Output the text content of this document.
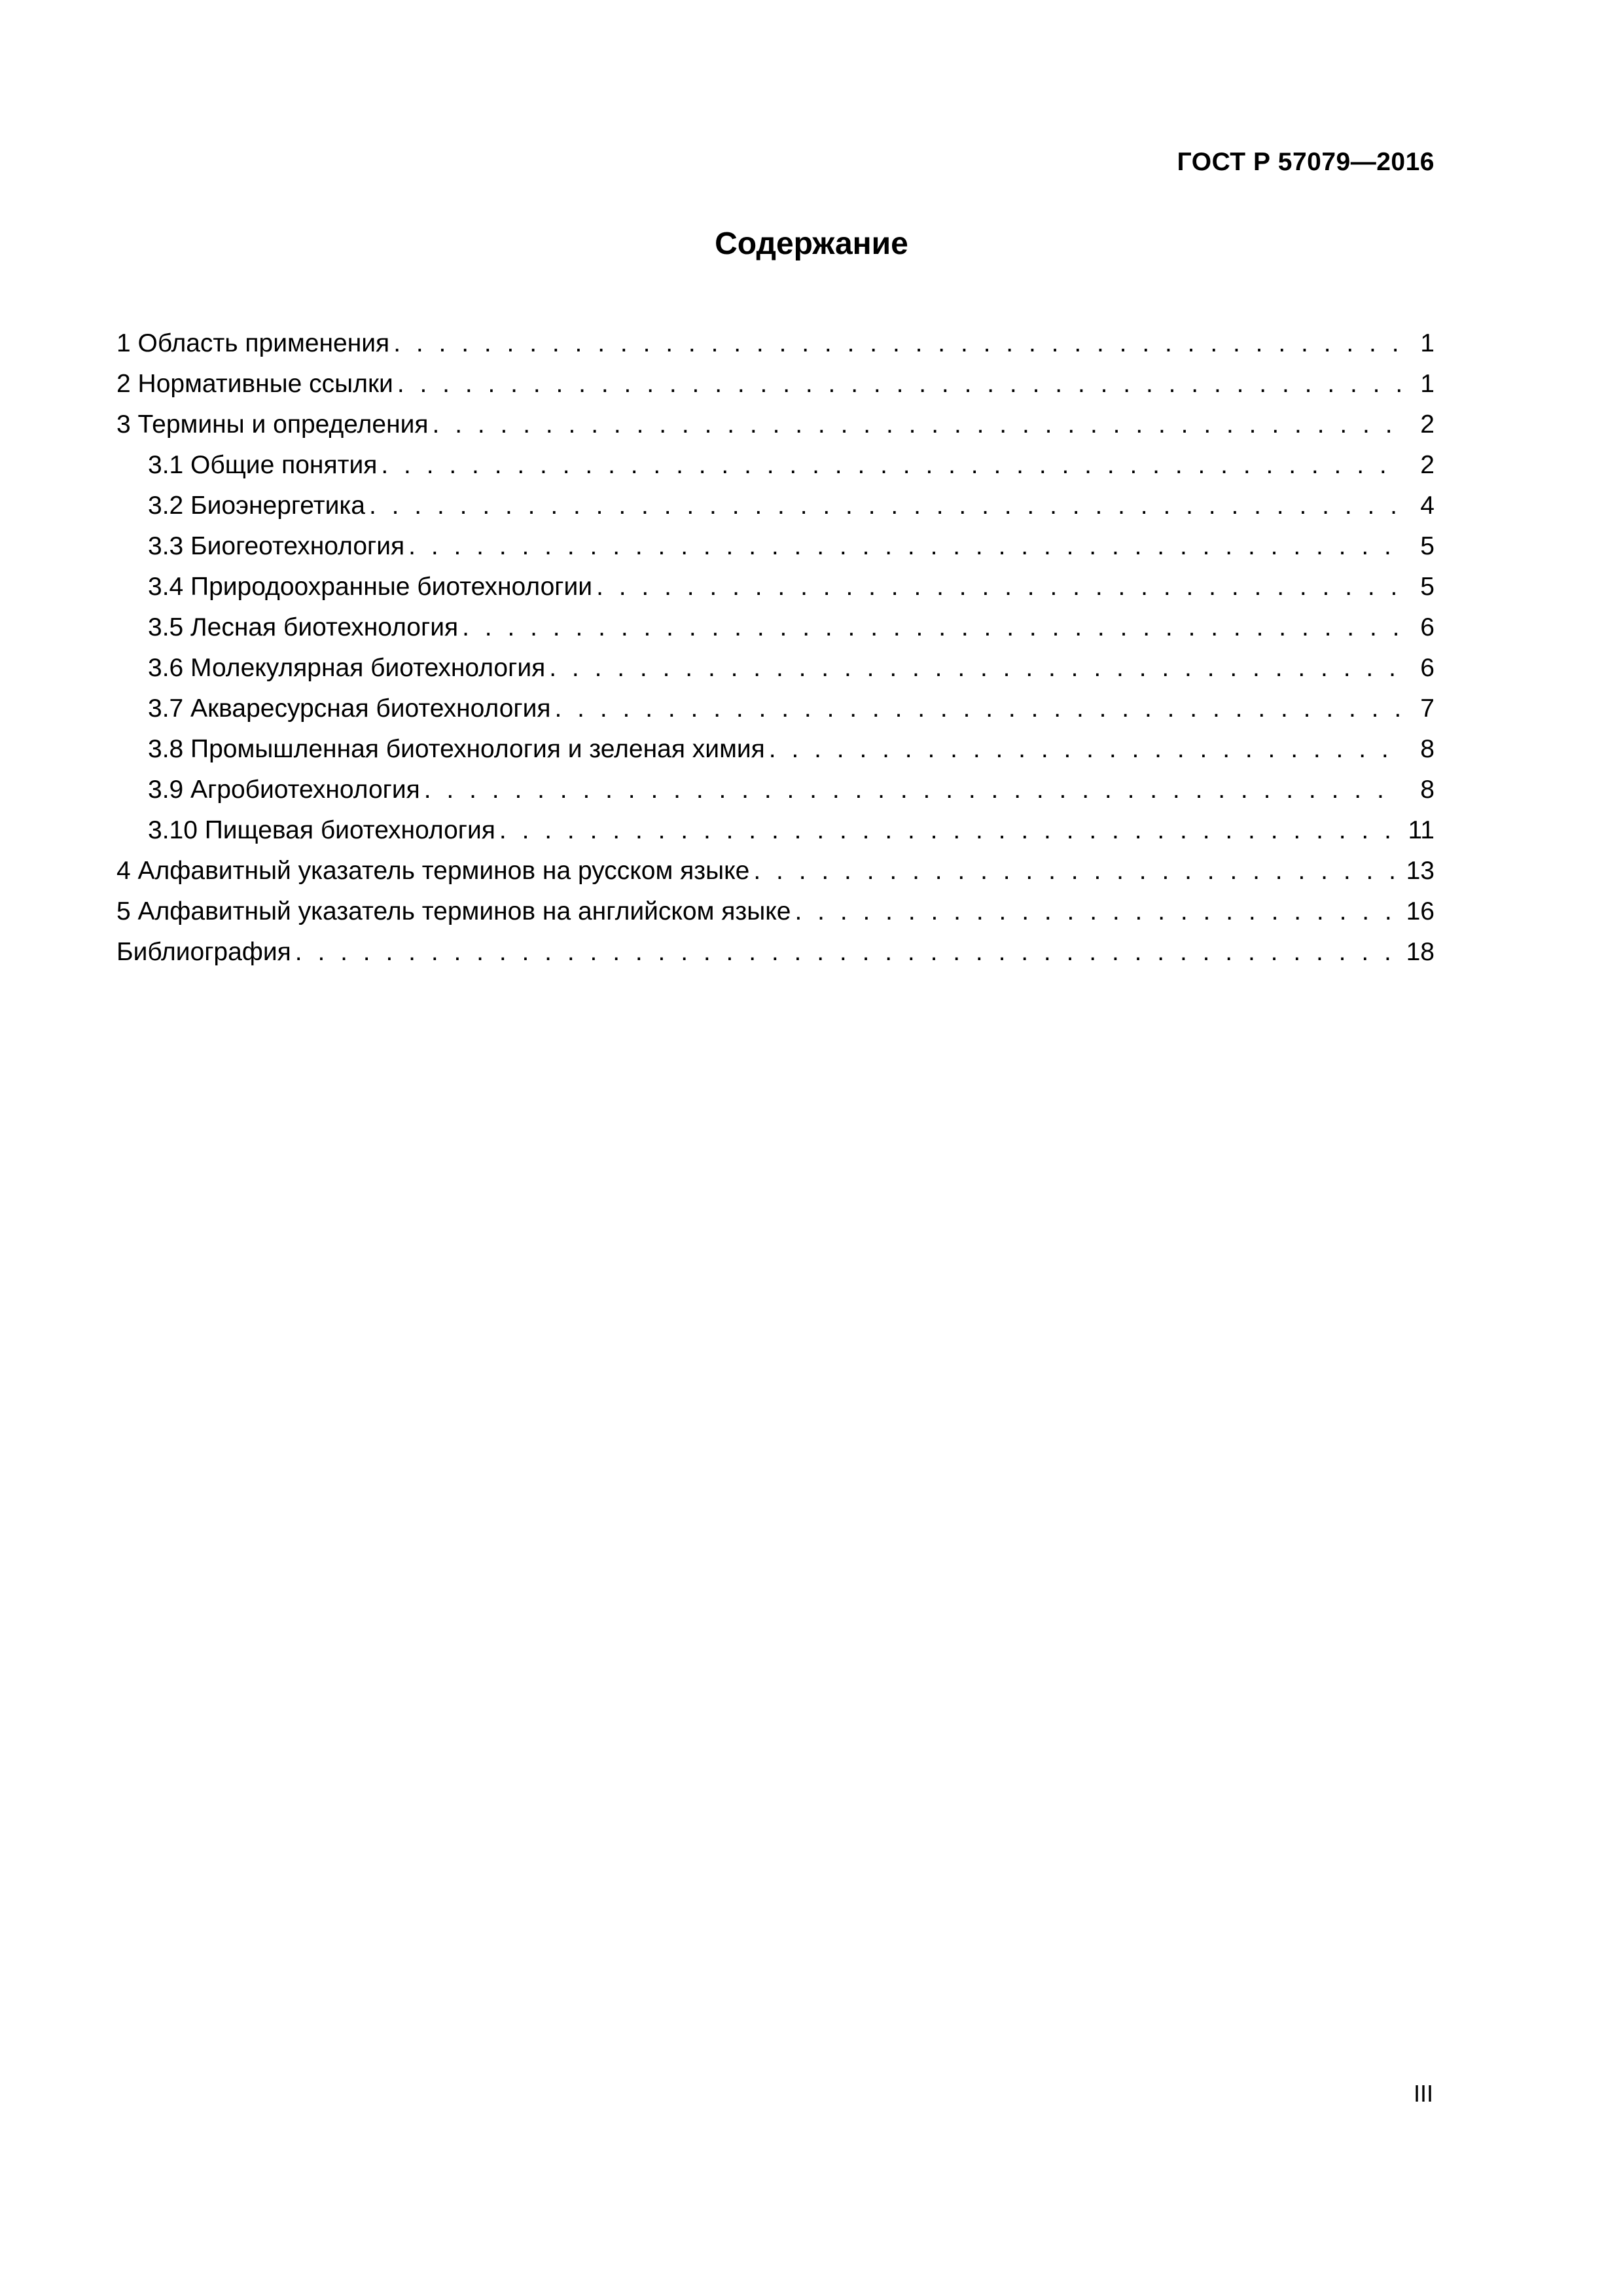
ГОСТ Р 57079—2016
Содержание
1 Область применения . . .	1
2 Нормативные ссылки . . .	1
3 Термины и определения . . .	2
3.1 Общие понятия . . .	2
3.2 Биоэнергетика . . .	4
3.3 Биогеотехнология . . .	5
3.4 Природоохранные биотехнологии . . .	5
3.5 Лесная биотехнология . . .	6
3.6 Молекулярная биотехнология . . .	6
3.7 Акваресурсная биотехнология . . .	7
3.8 Промышленная биотехнология и зеленая химия . . .	8
3.9 Агробиотехнология . . .	8
3.10 Пищевая биотехнология . . .	11
4 Алфавитный указатель терминов на русском языке . . .	13
5 Алфавитный указатель терминов на английском языке . . .	16
Библиография . . .	18
III
